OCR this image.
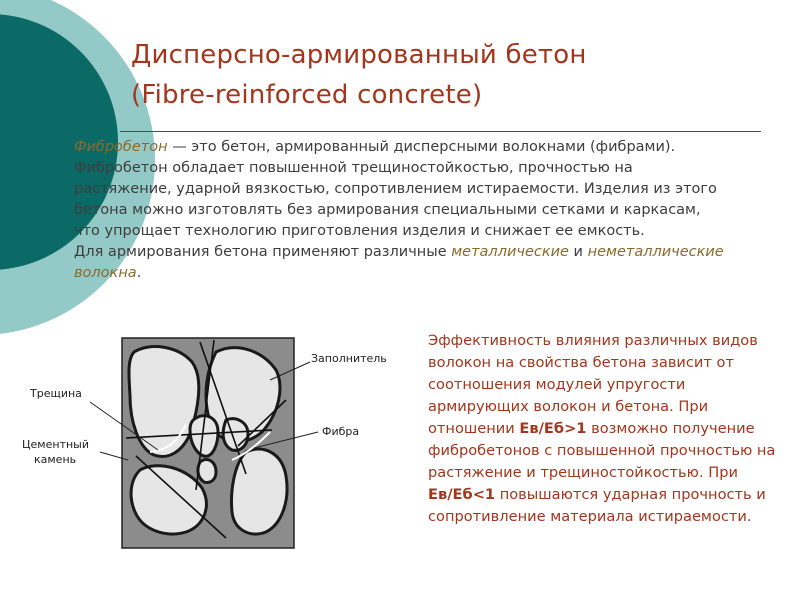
Дисперсно-армированный бетон
(Fibre-reinforced concrete)

Фибробетон — это бетон, армированный дисперсными волокнами (фибрами). Фибробетон обладает повышенной трещиностойкостью, прочностью на растяжение, ударной вязкостью, сопротивлением истираемости. Изделия из этого бетона можно изготовлять без армирования специальными сетками и каркасам, что упрощает технологию приготовления изделия и снижает ее емкость.

Для армирования бетона применяют различные металлические и неметаллические волокна.

Заполнитель
Трещина
Фибра
Цементный
камень

Эффективность влияния различных видов волокон на свойства бетона зависит от соотношения модулей упругости армирующих волокон и бетона. При отношении Eв/Eб>1 возможно получение фибробетонов с повышенной прочностью на растяжение и трещиностойкостью. При Eв/Eб<1 повышаются ударная прочность и сопротивление материала истираемости.
